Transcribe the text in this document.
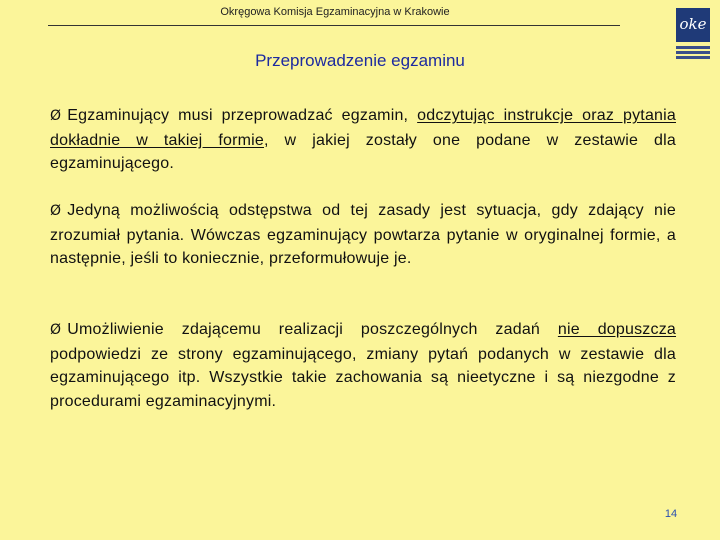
Okręgowa Komisja Egzaminacyjna w Krakowie
oke
Przeprowadzenie egzaminu
Ø Egzaminujący musi przeprowadzać egzamin, odczytując instrukcje oraz pytania dokładnie w takiej formie, w jakiej zostały one podane w zestawie dla egzaminującego.
Ø Jedyną możliwością odstępstwa od tej zasady jest sytuacja, gdy zdający nie zrozumiał pytania. Wówczas egzaminujący powtarza pytanie w oryginalnej formie, a następnie, jeśli to koniecznie, przeformułowuje je.
Ø Umożliwienie zdającemu realizacji poszczególnych zadań nie dopuszcza podpowiedzi ze strony egzaminującego, zmiany pytań podanych w zestawie dla egzaminującego itp. Wszystkie takie zachowania są nieetyczne i są niezgodne z procedurami egzaminacyjnymi.
14
